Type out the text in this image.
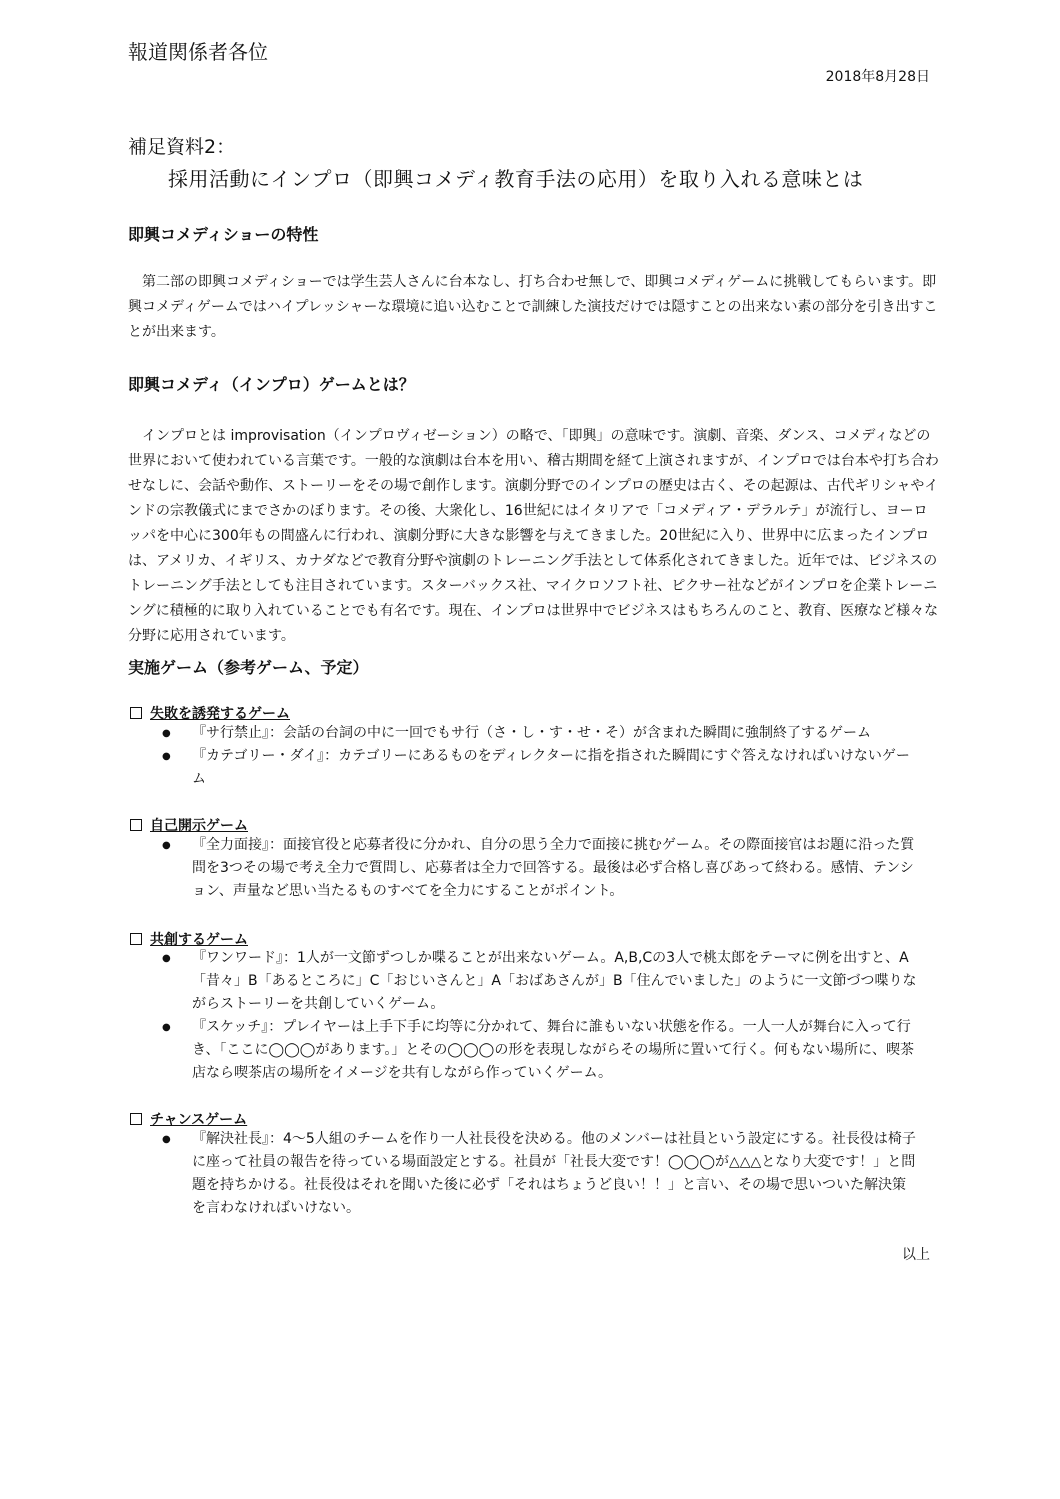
報道関係者各位
2018年8月28日
補足資料2：
採用活動にインプロ（即興コメディ教育手法の応用）を取り入れる意味とは
即興コメディショーの特性

第二部の即興コメディショーでは学生芸人さんに台本なし、打ち合わせ無しで、即興コメディゲームに挑戦してもらいます。即興コメディゲームではハイプレッシャーな環境に追い込むことで訓練した演技だけでは隠すことの出来ない素の部分を引き出すことが出来ます。

即興コメディ（インプロ）ゲームとは？

インプロとは improvisation（インプロヴィゼーション）の略で、「即興」の意味です。演劇、音楽、ダンス、コメディなどの世界において使われている言葉です。一般的な演劇は台本を用い、稽古期間を経て上演されますが、インプロでは台本や打ち合わせなしに、会話や動作、ストーリーをその場で創作します。演劇分野でのインプロの歴史は古く、その起源は、古代ギリシャやインドの宗教儀式にまでさかのぼります。その後、大衆化し、16世紀にはイタリアで「コメディア・デラルテ」が流行し、ヨーロッパを中心に300年もの間盛んに行われ、演劇分野に大きな影響を与えてきました。20世紀に入り、世界中に広まったインプロは、アメリカ、イギリス、カナダなどで教育分野や演劇のトレーニング手法として体系化されてきました。近年では、ビジネスのトレーニング手法としても注目されています。スターバックス社、マイクロソフト社、ピクサー社などがインプロを企業トレーニングに積極的に取り入れていることでも有名です。現在、インプロは世界中でビジネスはもちろんのこと、教育、医療など様々な分野に応用されています。

実施ゲーム（参考ゲーム、予定）
失敗を誘発するゲーム
● 『サ行禁止』：会話の台詞の中に一回でもサ行（さ・し・す・せ・そ）が含まれた瞬間に強制終了するゲーム
● 『カテゴリー・ダイ』：カテゴリーにあるものをディレクターに指を指された瞬間にすぐ答えなければいけないゲーム
自己開示ゲーム
● 『全力面接』：面接官役と応募者役に分かれ、自分の思う全力で面接に挑むゲーム。その際面接官はお題に沿った質問を3つその場で考え全力で質問し、応募者は全力で回答する。最後は必ず合格し喜びあって終わる。感情、テンション、声量など思い当たるものすべてを全力にすることがポイント。
共創するゲーム
● 『ワンワード』：1人が一文節ずつしか喋ることが出来ないゲーム。A,B,Cの3人で桃太郎をテーマに例を出すと、A「昔々」B「あるところに」C「おじいさんと」A「おばあさんが」B「住んでいました」のように一文節づつ喋りながらストーリーを共創していくゲーム。
● 『スケッチ』：プレイヤーは上手下手に均等に分かれて、舞台に誰もいない状態を作る。一人一人が舞台に入って行き、「ここに◯◯◯があります。」とその◯◯◯の形を表現しながらその場所に置いて行く。何もない場所に、喫茶店なら喫茶店の場所をイメージを共有しながら作っていくゲーム。
チャンスゲーム
● 『解決社長』：4〜5人組のチームを作り一人社長役を決める。他のメンバーは社員という設定にする。社長役は椅子に座って社員の報告を待っている場面設定とする。社員が「社長大変です！◯◯◯が△△△となり大変です！」と問題を持ちかける。社長役はそれを聞いた後に必ず「それはちょうど良い！！」と言い、その場で思いついた解決策を言わなければいけない。
以上
